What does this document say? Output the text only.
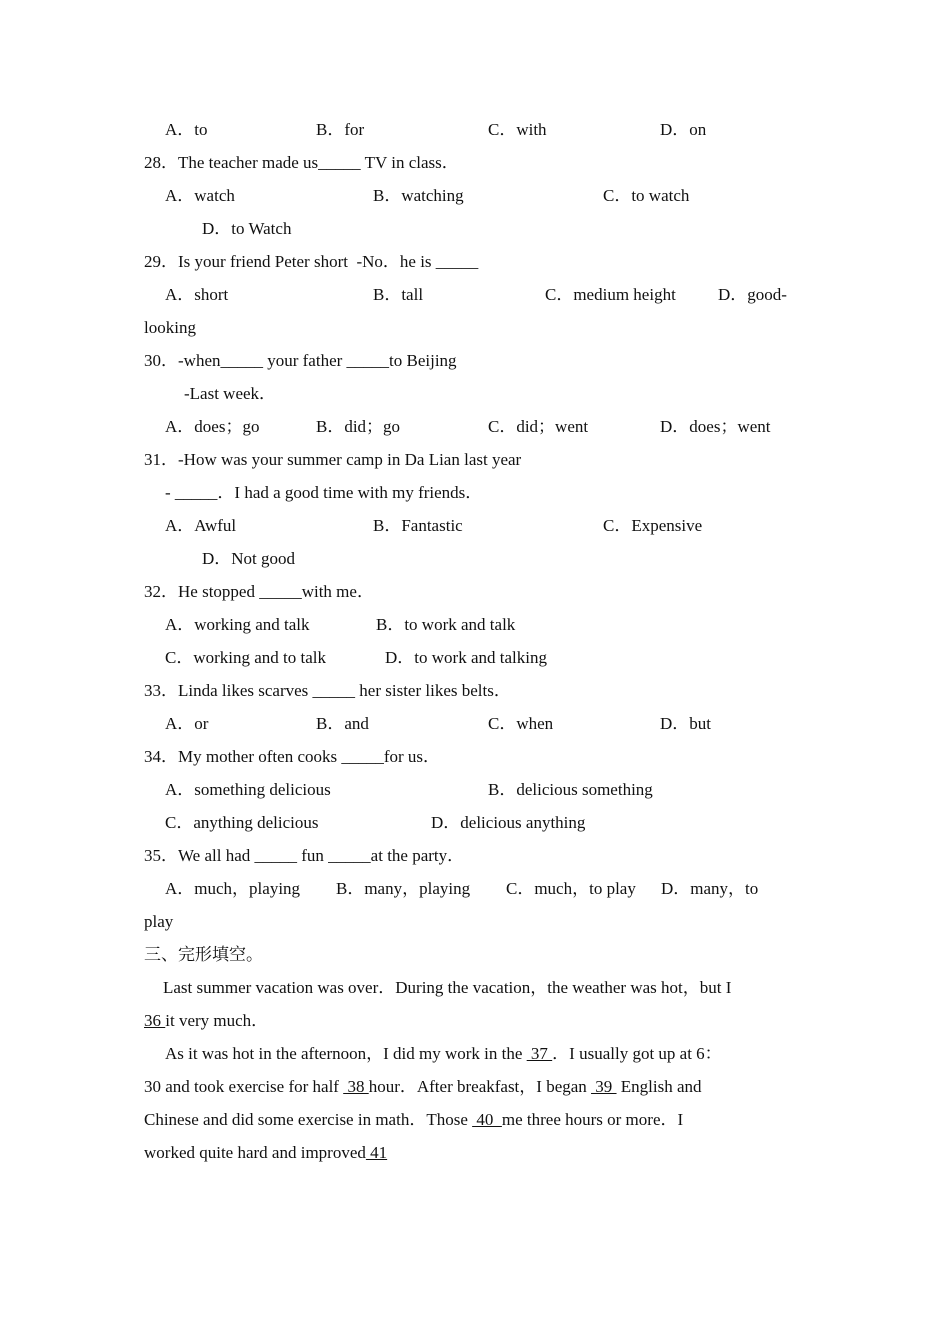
A．to	B．for	C．with	D．on
28．The teacher made us_____ TV in class．
A．watch	B．watching	C．to watch
D．to Watch
29．Is your friend Peter short  -No．he is _____
A．short	B．tall	C．medium height D．good-
looking
30．-when_____ your father _____to Beijing
-Last week．
A．does；go	B．did；go	C．did；went	D．does；went
31．-How was your summer camp in Da Lian last year
- _____．I had a good time with my friends．
A．Awful	B．Fantastic	C．Expensive
D．Not good
32．He stopped _____with me．
A．working and talk	B．to work and talk
C．working and to talk	D．to work and talking
33．Linda likes scarves _____ her sister likes belts．
A．or	B．and	C．when	D．but
34．My mother often cooks _____for us．
A．something delicious	B．delicious something
C．anything delicious	D．delicious anything
35．We all had _____ fun _____at the party．
A．much，playing B．many，playing C．much，to play D．many，to
play
三、完形填空。
Last summer vacation was over．During the vacation，the weather was hot，but I
36 it very much．
As it was hot in the afternoon，I did my work in the  37 ．I usually got up at 6：
30 and took exercise for half  38 hour．After breakfast，I began  39  English and
Chinese and did some exercise in math．Those  40  me three hours or more．I
worked quite hard and improved 41
